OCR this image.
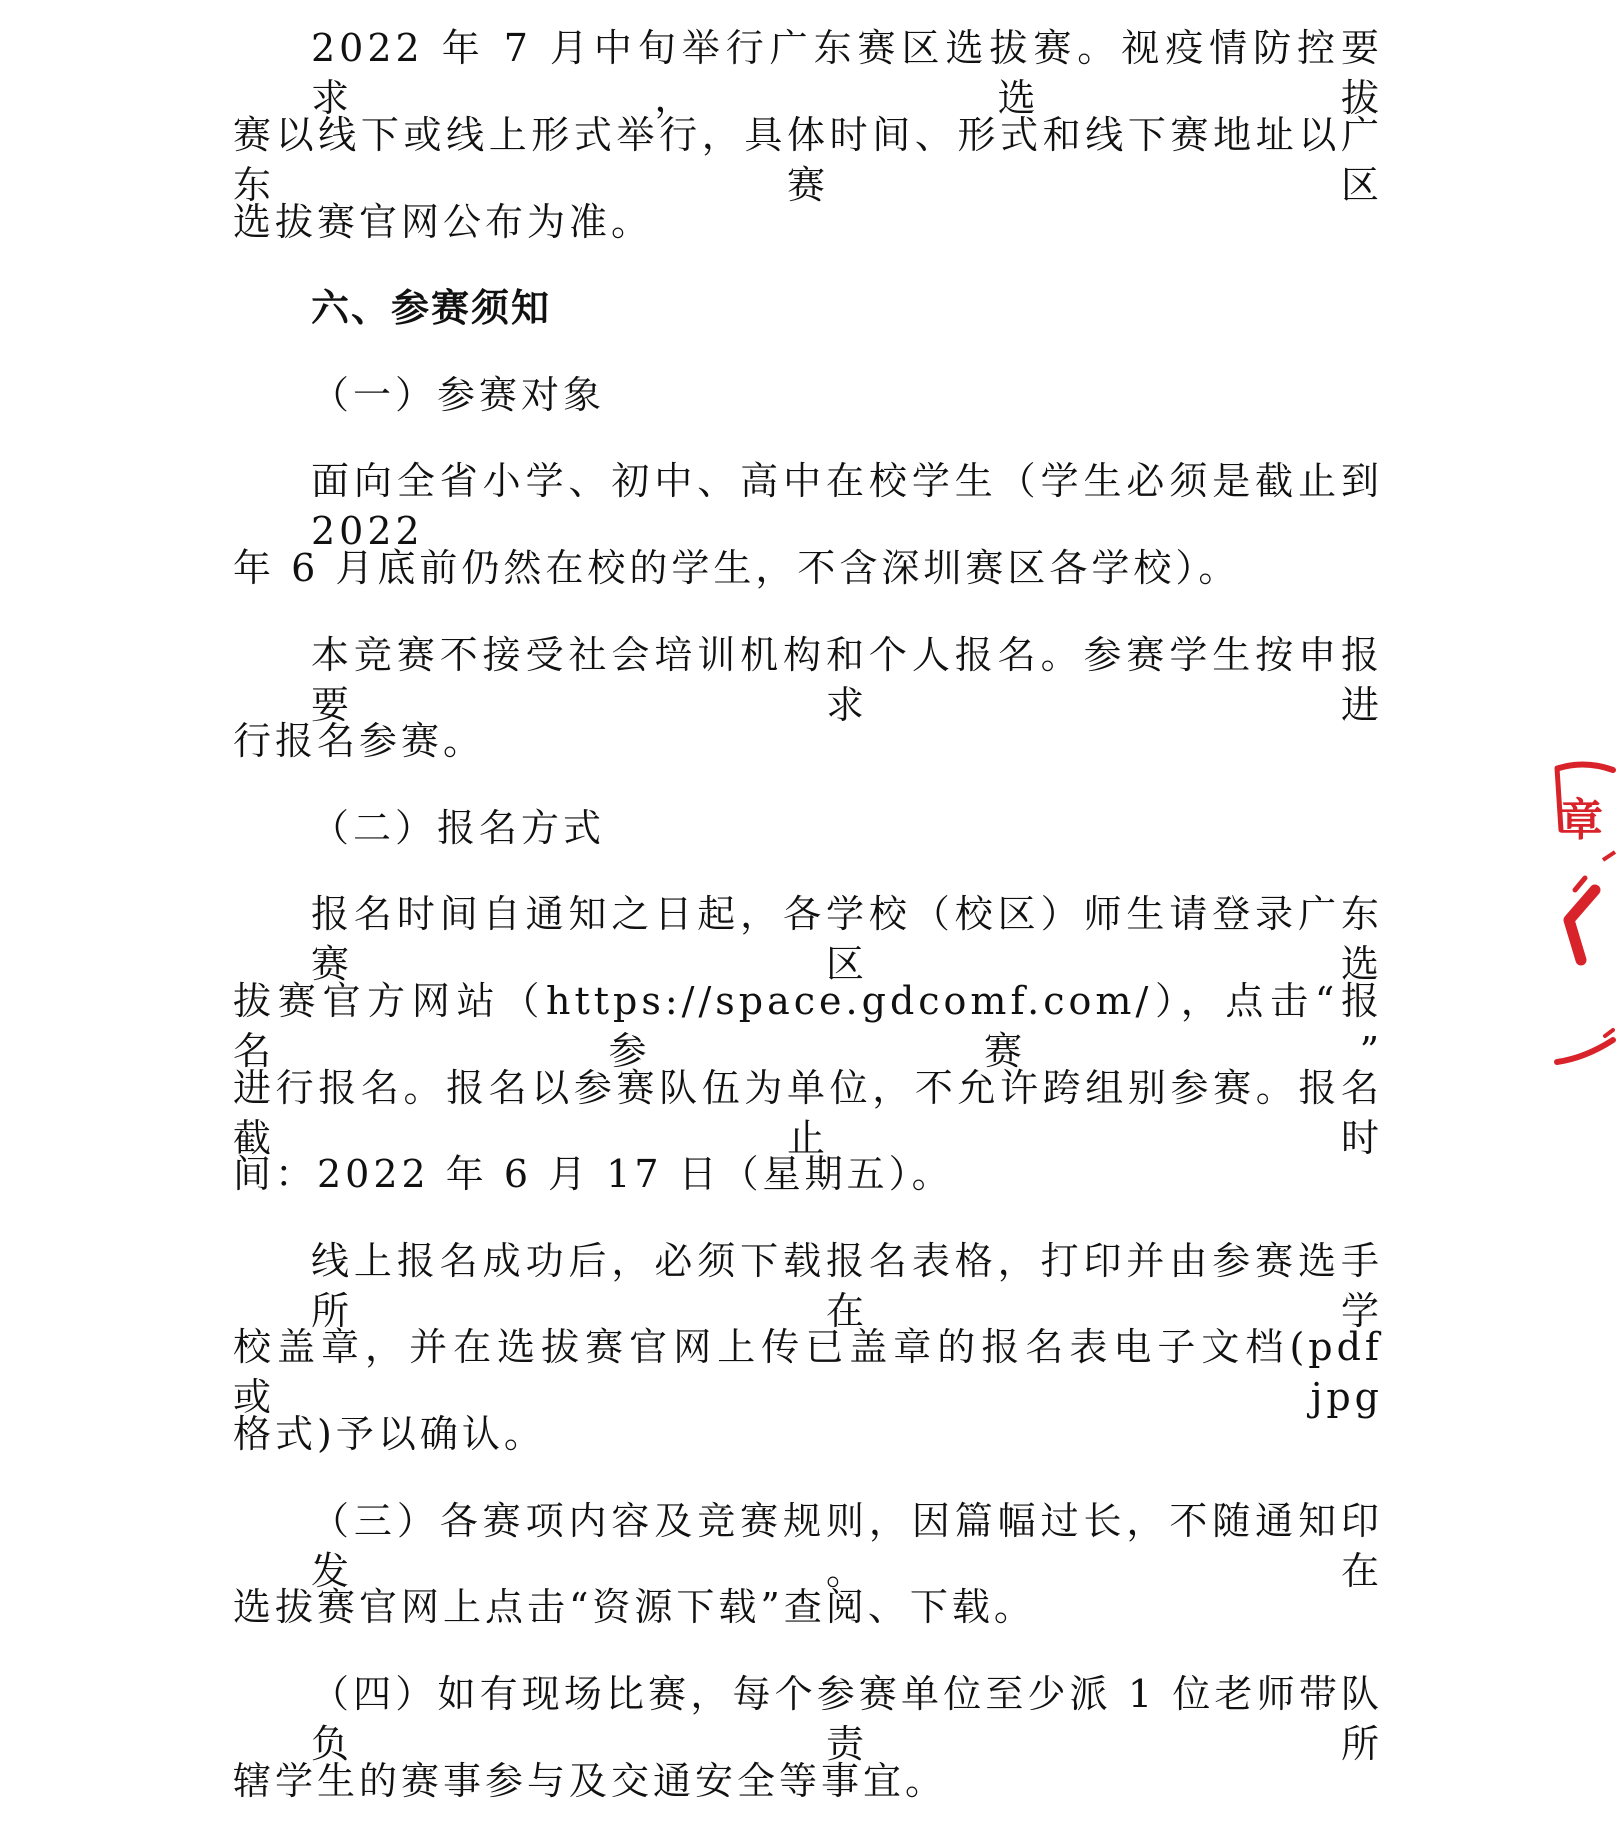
2022 年 7 月中旬举行广东赛区选拔赛。视疫情防控要求，选拔
赛以线下或线上形式举行，具体时间、形式和线下赛地址以广东赛区
选拔赛官网公布为准。
六、参赛须知
（一）参赛对象
面向全省小学、初中、高中在校学生（学生必须是截止到 2022
年 6 月底前仍然在校的学生，不含深圳赛区各学校）。
本竞赛不接受社会培训机构和个人报名。参赛学生按申报要求进
行报名参赛。
（二）报名方式
报名时间自通知之日起，各学校（校区）师生请登录广东赛区选
拔赛官方网站（https://space.gdcomf.com/），点击“报名参赛”
进行报名。报名以参赛队伍为单位，不允许跨组别参赛。报名截止时
间：2022 年 6 月 17 日（星期五）。
线上报名成功后，必须下载报名表格，打印并由参赛选手所在学
校盖章，并在选拔赛官网上传已盖章的报名表电子文档(pdf 或 jpg
格式)予以确认。
（三）各赛项内容及竞赛规则，因篇幅过长，不随通知印发。在
选拔赛官网上点击“资源下载”查阅、下载。
（四）如有现场比赛，每个参赛单位至少派 1 位老师带队负责所
辖学生的赛事参与及交通安全等事宜。
章
